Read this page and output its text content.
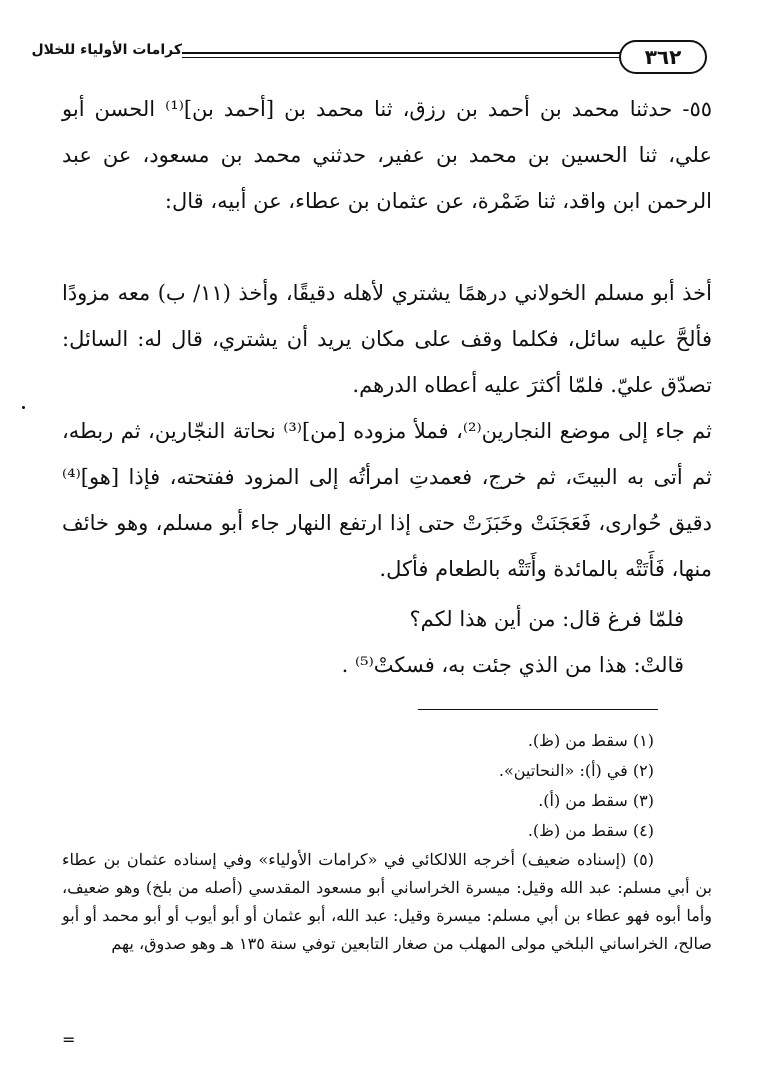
٣٦٢
كرامات الأولياء للخلال

٥٥- حدثنا محمد بن أحمد بن رزق، ثنا محمد بن [أحمد بن]⁽¹⁾ الحسن أبو علي، ثنا الحسين بن محمد بن عفير، حدثني محمد بن مسعود، عن عبد الرحمن ابن واقد، ثنا ضَمْرة، عن عثمان بن عطاء، عن أبيه، قال:

أخذ أبو مسلم الخولاني درهمًا يشتري لأهله دقيقًا، وأخذ (١١/ ب) معه مزودًا فألحَّ عليه سائل، فكلما وقف على مكان يريد أن يشتري، قال له: السائل: تصدّق عليّ. فلمّا أكثرَ عليه أعطاه الدرهم.

ثم جاء إلى موضع النجارين⁽²⁾، فملأ مزوده [من]⁽³⁾ نحاتة النجّارين، ثم ربطه، ثم أتى به البيتَ، ثم خرج، فعمدتِ امرأتُه إلى المزود ففتحته، فإذا [هو]⁽⁴⁾ دقيق حُوارى، فَعَجَنَتْ وخَبَزَتْ حتى إذا ارتفع النهار جاء أبو مسلم، وهو خائف منها، فَأَتَتْه بالمائدة وأَتَتْه بالطعام فأكل.

فلمّا فرغ قال: من أين هذا لكم؟

قالتْ: هذا من الذي جئت به، فسكتْ⁽⁵⁾ .

(١) سقط من (ظ).

(٢) في (أ): «النحاتين».

(٣) سقط من (أ).

(٤) سقط من (ظ).

(٥) (إسناده ضعيف) أخرجه اللالكائي في «كرامات الأولياء» وفي إسناده عثمان بن عطاء بن أبي مسلم: عبد الله وقيل: ميسرة الخراساني أبو مسعود المقدسي (أصله من بلخ) وهو ضعيف، وأما أبوه فهو عطاء بن أبي مسلم: ميسرة وقيل: عبد الله، أبو عثمان أو أبو أيوب أو أبو محمد أو أبو صالح، الخراساني البلخي مولى المهلب من صغار التابعين توفي سنة ١٣٥ هـ وهو صدوق، يهم

=
